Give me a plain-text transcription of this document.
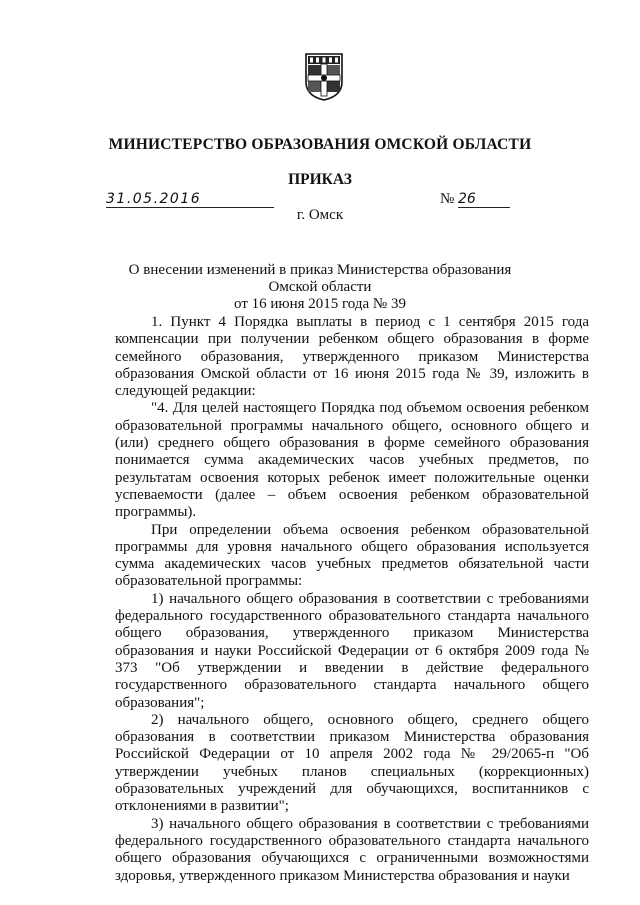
МИНИСТЕРСТВО ОБРАЗОВАНИЯ ОМСКОЙ ОБЛАСТИ
ПРИКАЗ
31.05.2016	№ 26
г. Омск
О внесении изменений в приказ Министерства образования Омской области
от 16 июня 2015 года № 39

1. Пункт 4 Порядка выплаты в период с 1 сентября 2015 года компенсации при получении ребенком общего образования в форме семейного образования, утвержденного приказом Министерства образования Омской области от 16 июня 2015 года № 39, изложить в следующей редакции:

"4. Для целей настоящего Порядка под объемом освоения ребенком образовательной программы начального общего, основного общего и (или) среднего общего образования в форме семейного образования понимается сумма академических часов учебных предметов, по результатам освоения которых ребенок имеет положительные оценки успеваемости (далее – объем освоения ребенком образовательной программы).

При определении объема освоения ребенком образовательной программы для уровня начального общего образования используется сумма академических часов учебных предметов обязательной части образовательной программы:

1) начального общего образования в соответствии с требованиями федерального государственного образовательного стандарта начального общего образования, утвержденного приказом Министерства образования и науки Российской Федерации от 6 октября 2009 года № 373 "Об утверждении и введении в действие федерального государственного образовательного стандарта начального общего образования";

2) начального общего, основного общего, среднего общего образования в соответствии приказом Министерства образования Российской Федерации от 10 апреля 2002 года № 29/2065-п "Об утверждении учебных планов специальных (коррекционных) образовательных учреждений для обучающихся, воспитанников с отклонениями в развитии";

3) начального общего образования в соответствии с требованиями федерального государственного образовательного стандарта начального общего образования обучающихся с ограниченными возможностями здоровья, утвержденного приказом Министерства образования и науки
